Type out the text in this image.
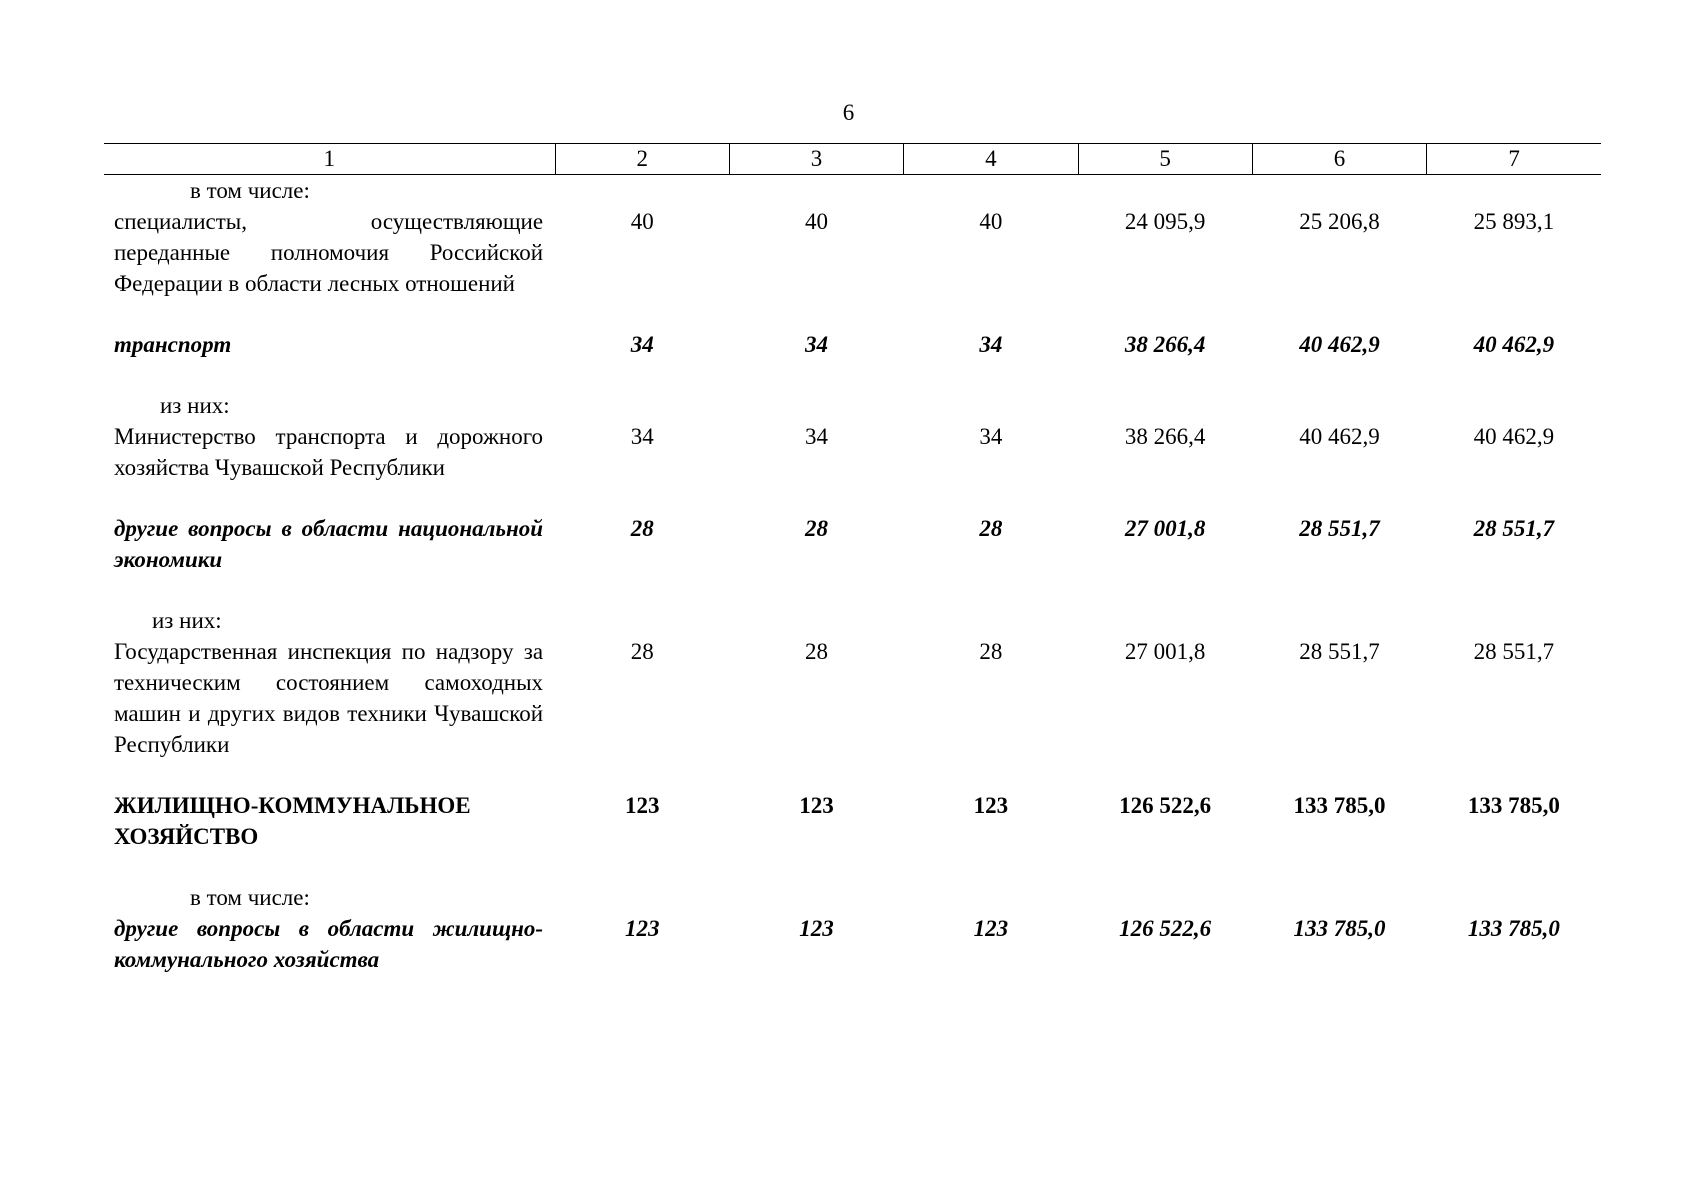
6
1	2	3	4	5	6	7

в том числе:
специалисты, осуществляющие переданные полномочия Российской Федерации в области лесных отношений	40	40	40	24 095,9	25 206,8	25 893,1

транспорт	34	34	34	38 266,4	40 462,9	40 462,9

из них:
Министерство транспорта и дорожного хозяйства Чувашской Республики	34	34	34	38 266,4	40 462,9	40 462,9

другие вопросы в области национальной экономики	28	28	28	27 001,8	28 551,7	28 551,7

из них:
Государственная инспекция по надзору за техническим состоянием самоходных машин и других видов техники Чувашской Республики	28	28	28	27 001,8	28 551,7	28 551,7

ЖИЛИЩНО-КОММУНАЛЬНОЕ ХОЗЯЙСТВО	123	123	123	126 522,6	133 785,0	133 785,0

в том числе:
другие вопросы в области жилищно-коммунального хозяйства	123	123	123	126 522,6	133 785,0	133 785,0
